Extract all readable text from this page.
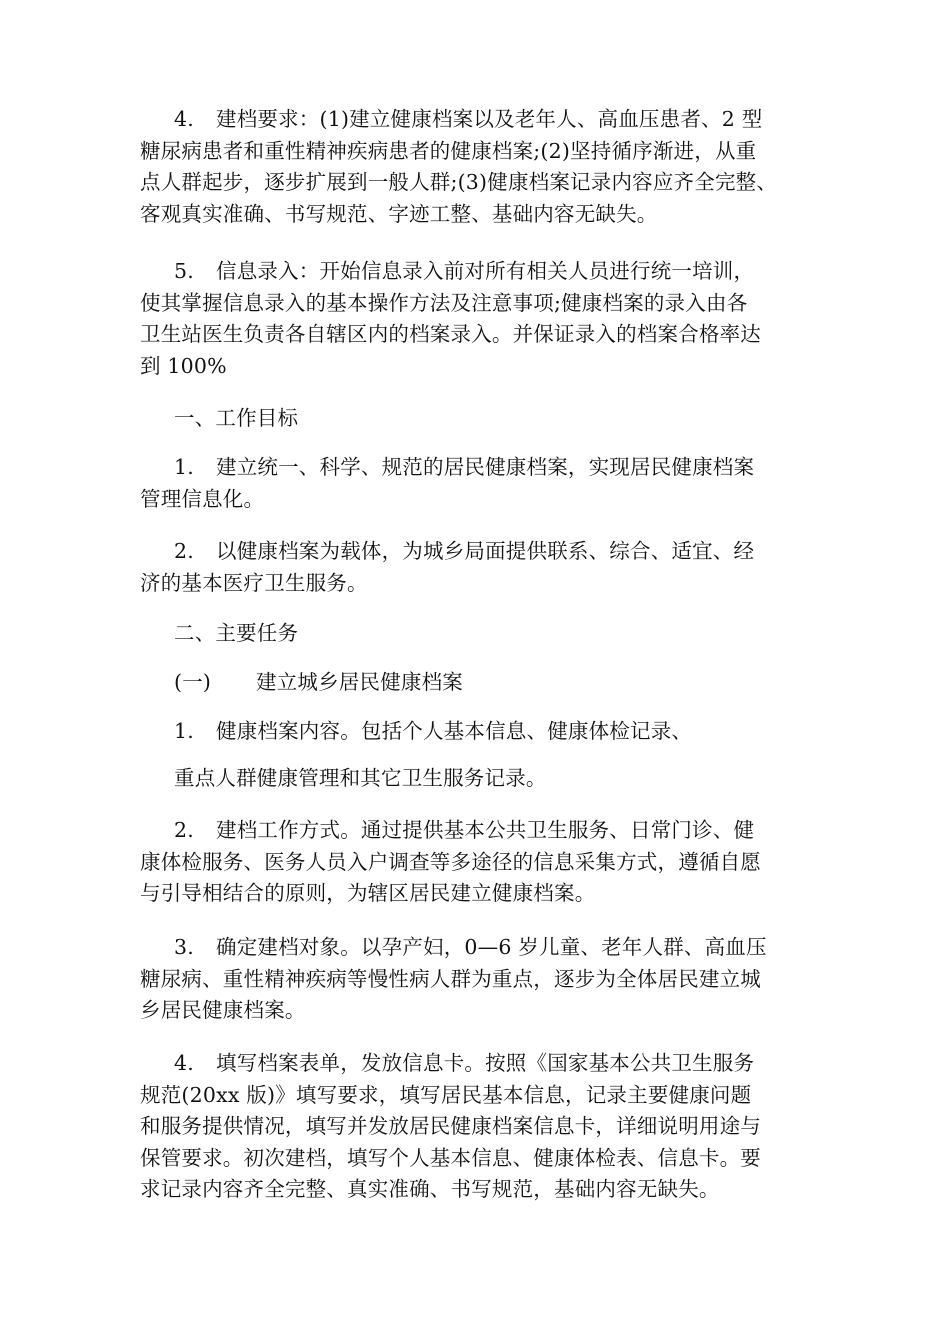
4. 建档要求：(1)建立健康档案以及老年人、高血压患者、2 型
糖尿病患者和重性精神疾病患者的健康档案;(2)坚持循序渐进，从重
点人群起步，逐步扩展到一般人群;(3)健康档案记录内容应齐全完整、
客观真实准确、书写规范、字迹工整、基础内容无缺失。
5. 信息录入：开始信息录入前对所有相关人员进行统一培训，
使其掌握信息录入的基本操作方法及注意事项;健康档案的录入由各
卫生站医生负责各自辖区内的档案录入。并保证录入的档案合格率达
到 100%
一、工作目标
1. 建立统一、科学、规范的居民健康档案，实现居民健康档案
管理信息化。
2. 以健康档案为载体，为城乡局面提供联系、综合、适宜、经
济的基本医疗卫生服务。
二、主要任务
(一) 建立城乡居民健康档案
1. 健康档案内容。包括个人基本信息、健康体检记录、
重点人群健康管理和其它卫生服务记录。
2. 建档工作方式。通过提供基本公共卫生服务、日常门诊、健
康体检服务、医务人员入户调查等多途径的信息采集方式，遵循自愿
与引导相结合的原则，为辖区居民建立健康档案。
3. 确定建档对象。以孕产妇，0—6 岁儿童、老年人群、高血压
糖尿病、重性精神疾病等慢性病人群为重点，逐步为全体居民建立城
乡居民健康档案。
4. 填写档案表单，发放信息卡。按照《国家基本公共卫生服务
规范(20xx 版)》填写要求，填写居民基本信息，记录主要健康问题
和服务提供情况，填写并发放居民健康档案信息卡，详细说明用途与
保管要求。初次建档，填写个人基本信息、健康体检表、信息卡。要
求记录内容齐全完整、真实准确、书写规范，基础内容无缺失。
